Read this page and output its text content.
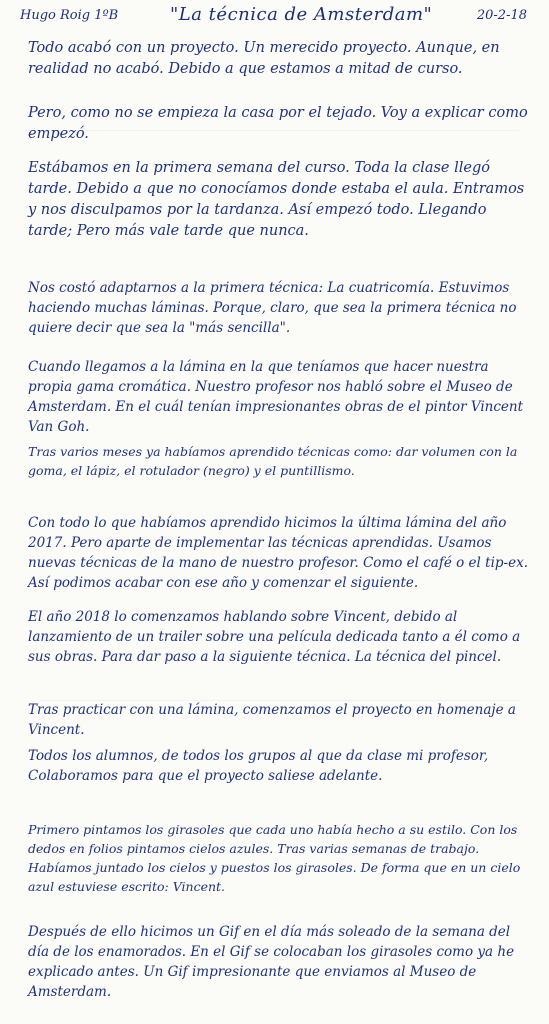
Hugo Roig 1ºB	"La técnica de Amsterdam"	20-2-18

Todo acabó con un proyecto. Un merecido proyecto. Aunque, en realidad no acabó. Debido a que estamos a mitad de curso.

Pero, como no se empieza la casa por el tejado. Voy a explicar como empezó.

Estábamos en la primera semana del curso. Toda la clase llegó tarde. Debido a que no conocíamos donde estaba el aula. Entramos y nos disculpamos por la tardanza. Así empezó todo. Llegando tarde; Pero más vale tarde que nunca.

Nos costó adaptarnos a la primera técnica: La cuatricomía. Estuvimos haciendo muchas láminas. Porque, claro, que sea la primera técnica no quiere decir que sea la "más sencilla".

Cuando llegamos a la lámina en la que teníamos que hacer nuestra propia gama cromática. Nuestro profesor nos habló sobre el Museo de Amsterdam. En el cuál tenían impresionantes obras de el pintor Vincent Van Goh.

Tras varios meses ya habíamos aprendido técnicas como: dar volumen con la goma, el lápiz, el rotulador (negro) y el puntillismo.

Con todo lo que habíamos aprendido hicimos la última lámina del año 2017. Pero aparte de implementar las técnicas aprendidas. Usamos nuevas técnicas de la mano de nuestro profesor. Como el café o el tip-ex. Así podimos acabar con ese año y comenzar el siguiente.

El año 2018 lo comenzamos hablando sobre Vincent, debido al lanzamiento de un trailer sobre una película dedicada tanto a él como a sus obras. Para dar paso a la siguiente técnica. La técnica del pincel.

Tras practicar con una lámina, comenzamos el proyecto en homenaje a Vincent.

Todos los alumnos, de todos los grupos al que da clase mi profesor, Colaboramos para que el proyecto saliese adelante.

Primero pintamos los girasoles que cada uno había hecho a su estilo. Con los dedos en folios pintamos cielos azules. Tras varias semanas de trabajo. Habíamos juntado los cielos y puestos los girasoles. De forma que en un cielo azul estuviese escrito: Vincent.

Después de ello hicimos un Gif en el día más soleado de la semana del día de los enamorados. En el Gif se colocaban los girasoles como ya he explicado antes. Un Gif impresionante que enviamos al Museo de Amsterdam.
